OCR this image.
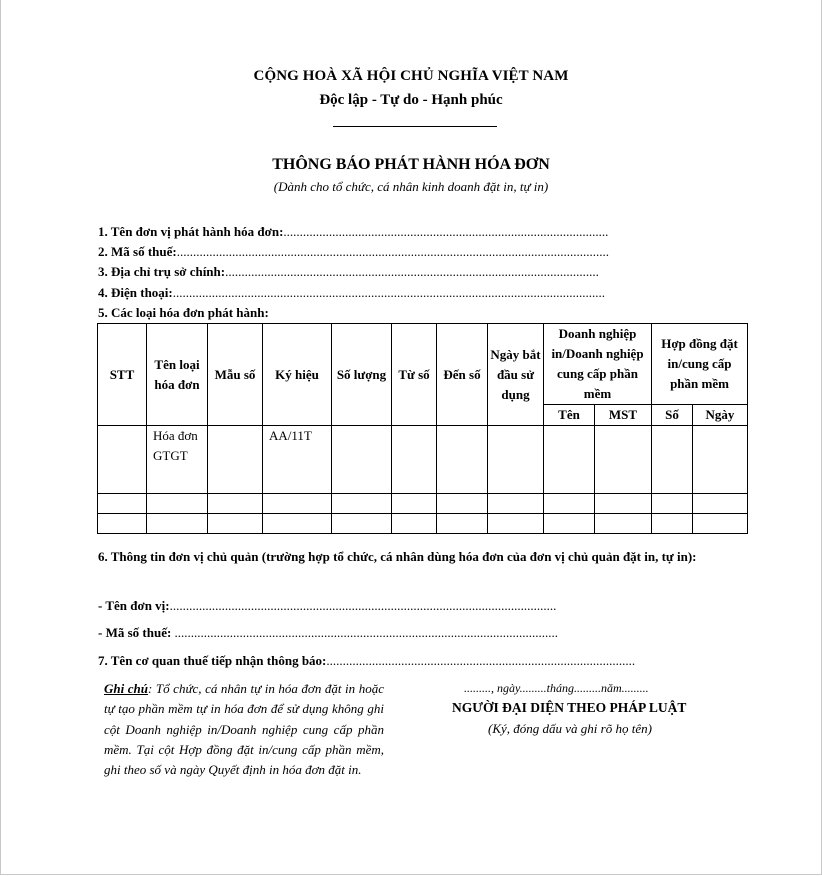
CỘNG HOÀ XÃ HỘI CHỦ NGHĨA VIỆT NAM
Độc lập - Tự do - Hạnh phúc
THÔNG BÁO PHÁT HÀNH HÓA ĐƠN
(Dành cho tổ chức, cá nhân kinh doanh đặt in, tự in)
1. Tên đơn vị phát hành hóa đơn:....................................................................................................
2. Mã số thuế:.....................................................................................................................................
3. Địa chỉ trụ sở chính:...................................................................................................................
4. Điện thoại:.....................................................................................................................................
5. Các loại hóa đơn phát hành:
STT	Tên loại hóa đơn	Mẫu số	Ký hiệu	Số lượng	Từ số	Đến số	Ngày bắt đầu sử dụng	Doanh nghiệp in/Doanh nghiệp cung cấp phần mềm		Hợp đồng đặt in/cung cấp phần mềm	
								Tên	MST	Số	Ngày
	Hóa đơn GTGT		AA/11T								

6. Thông tin đơn vị chủ quản (trường hợp tổ chức, cá nhân dùng hóa đơn của đơn vị chủ quản đặt in, tự in):
- Tên đơn vị:.......................................................................................................................
- Mã số thuế: ......................................................................................................................
7. Tên cơ quan thuế tiếp nhận thông báo:...............................................................................................
Ghi chú: Tổ chức, cá nhân tự in hóa đơn đặt in hoặc tự tạo phần mềm tự in hóa đơn để sử dụng không ghi cột Doanh nghiệp in/Doanh nghiệp cung cấp phần mềm. Tại cột Hợp đồng đặt in/cung cấp phần mềm, ghi theo số và ngày Quyết định in hóa đơn đặt in.
........., ngày.........tháng.........năm.........
NGƯỜI ĐẠI DIỆN THEO PHÁP LUẬT
(Ký, đóng dấu và ghi rõ họ tên)
